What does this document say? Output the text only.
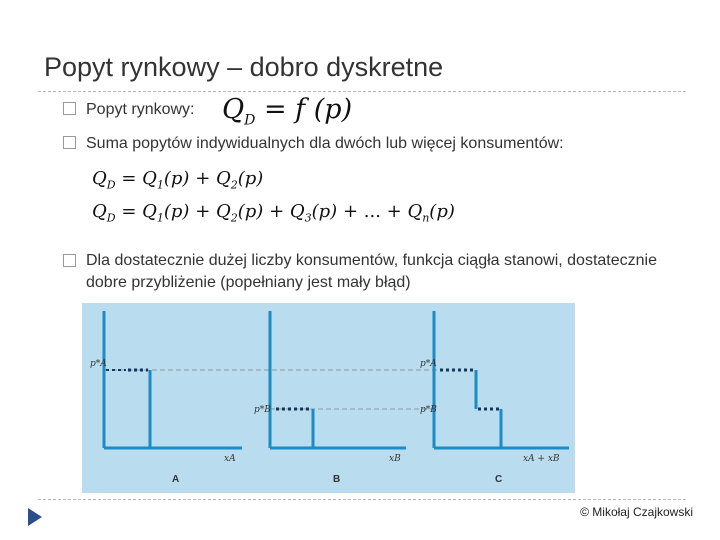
Popyt rynkowy – dobro dyskretne
Popyt rynkowy: $Q_D = f$ (p)
Suma popytów indywidualnych dla dwóch lub więcej konsumentów:
$Q_D = Q_1(p) + Q_2(p)$
$Q_D = Q_1(p) + Q_2(p) + Q_3(p)$ + ... + $Q_n(p)$
Dla dostatecznie dużej liczby konsumentów, funkcja ciągła stanowi, dostatecznie dobre przybliżenie (popełniany jest mały błąd)
p*A
xA
A
p*B
xB
B
p*A
p*B
xA + xB
C
© Mikołaj Czajkowski
